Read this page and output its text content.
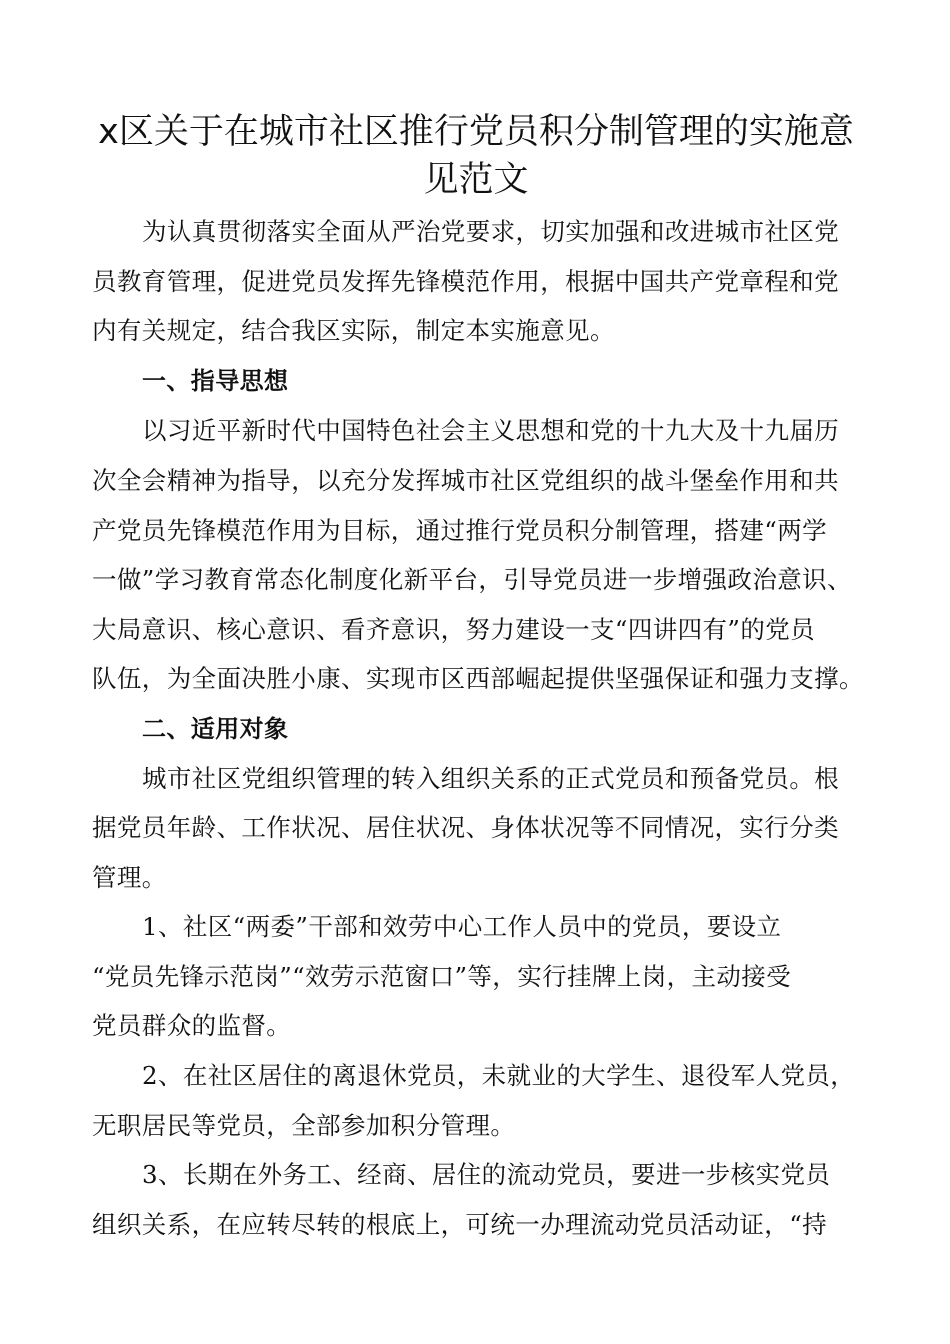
x区关于在城市社区推行党员积分制管理的实施意见范文
为认真贯彻落实全面从严治党要求，切实加强和改进城市社区党
员教育管理，促进党员发挥先锋模范作用，根据中国共产党章程和党
内有关规定，结合我区实际，制定本实施意见。
一、指导思想
以习近平新时代中国特色社会主义思想和党的十九大及十九届历
次全会精神为指导，以充分发挥城市社区党组织的战斗堡垒作用和共
产党员先锋模范作用为目标，通过推行党员积分制管理，搭建“两学
一做”学习教育常态化制度化新平台，引导党员进一步增强政治意识、
大局意识、核心意识、看齐意识，努力建设一支“四讲四有”的党员
队伍，为全面决胜小康、实现市区西部崛起提供坚强保证和强力支撑。
二、适用对象
城市社区党组织管理的转入组织关系的正式党员和预备党员。根
据党员年龄、工作状况、居住状况、身体状况等不同情况，实行分类
管理。
1、社区“两委”干部和效劳中心工作人员中的党员，要设立
“党员先锋示范岗”“效劳示范窗口”等，实行挂牌上岗，主动接受
党员群众的监督。
2、在社区居住的离退休党员，未就业的大学生、退役军人党员，
无职居民等党员，全部参加积分管理。
3、长期在外务工、经商、居住的流动党员，要进一步核实党员
组织关系，在应转尽转的根底上，可统一办理流动党员活动证，“持
